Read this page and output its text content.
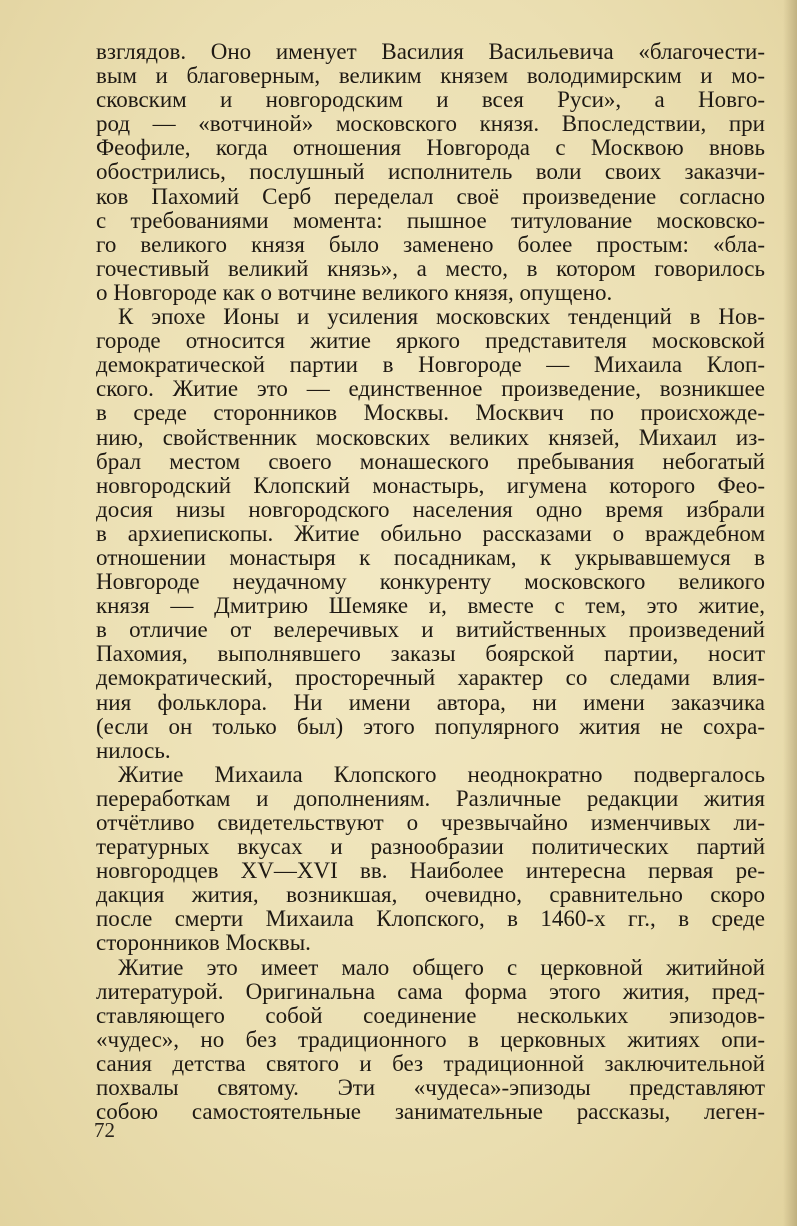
взглядов. Оно именует Василия Васильевича «благочести-
вым и благоверным, великим князем володимирским и мо-
сковским и новгородским и всея Руси», а Новго-
род — «вотчиной» московского князя. Впоследствии, при
Феофиле, когда отношения Новгорода с Москвою вновь
обострились, послушный исполнитель воли своих заказчи-
ков Пахомий Серб переделал своё произведение согласно
с требованиями момента: пышное титулование московско-
го великого князя было заменено более простым: «бла-
гочестивый великий князь», а место, в котором говорилось
о Новгороде как о вотчине великого князя, опущено.
К эпохе Ионы и усиления московских тенденций в Нов-
городе относится житие яркого представителя московской
демократической партии в Новгороде — Михаила Клоп-
ского. Житие это — единственное произведение, возникшее
в среде сторонников Москвы. Москвич по происхожде-
нию, свойственник московских великих князей, Михаил из-
брал местом своего монашеского пребывания небогатый
новгородский Клопский монастырь, игумена которого Фео-
досия низы новгородского населения одно время избрали
в архиепископы. Житие обильно рассказами о враждебном
отношении монастыря к посадникам, к укрывавшемуся в
Новгороде неудачному конкуренту московского великого
князя — Дмитрию Шемяке и, вместе с тем, это житие,
в отличие от велеречивых и витийственных произведений
Пахомия, выполнявшего заказы боярской партии, носит
демократический, просторечный характер со следами влия-
ния фольклора. Ни имени автора, ни имени заказчика
(если он только был) этого популярного жития не сохра-
нилось.
Житие Михаила Клопского неоднократно подвергалось
переработкам и дополнениям. Различные редакции жития
отчётливо свидетельствуют о чрезвычайно изменчивых ли-
тературных вкусах и разнообразии политических партий
новгородцев XV—XVI вв. Наиболее интересна первая ре-
дакция жития, возникшая, очевидно, сравнительно скоро
после смерти Михаила Клопского, в 1460-х гг., в среде
сторонников Москвы.
Житие это имеет мало общего с церковной житийной
литературой. Оригинальна сама форма этого жития, пред-
ставляющего собой соединение нескольких эпизодов-
«чудес», но без традиционного в церковных житиях опи-
сания детства святого и без традиционной заключительной
похвалы святому. Эти «чудеса»-эпизоды представляют
собою самостоятельные занимательные рассказы, леген-
72
